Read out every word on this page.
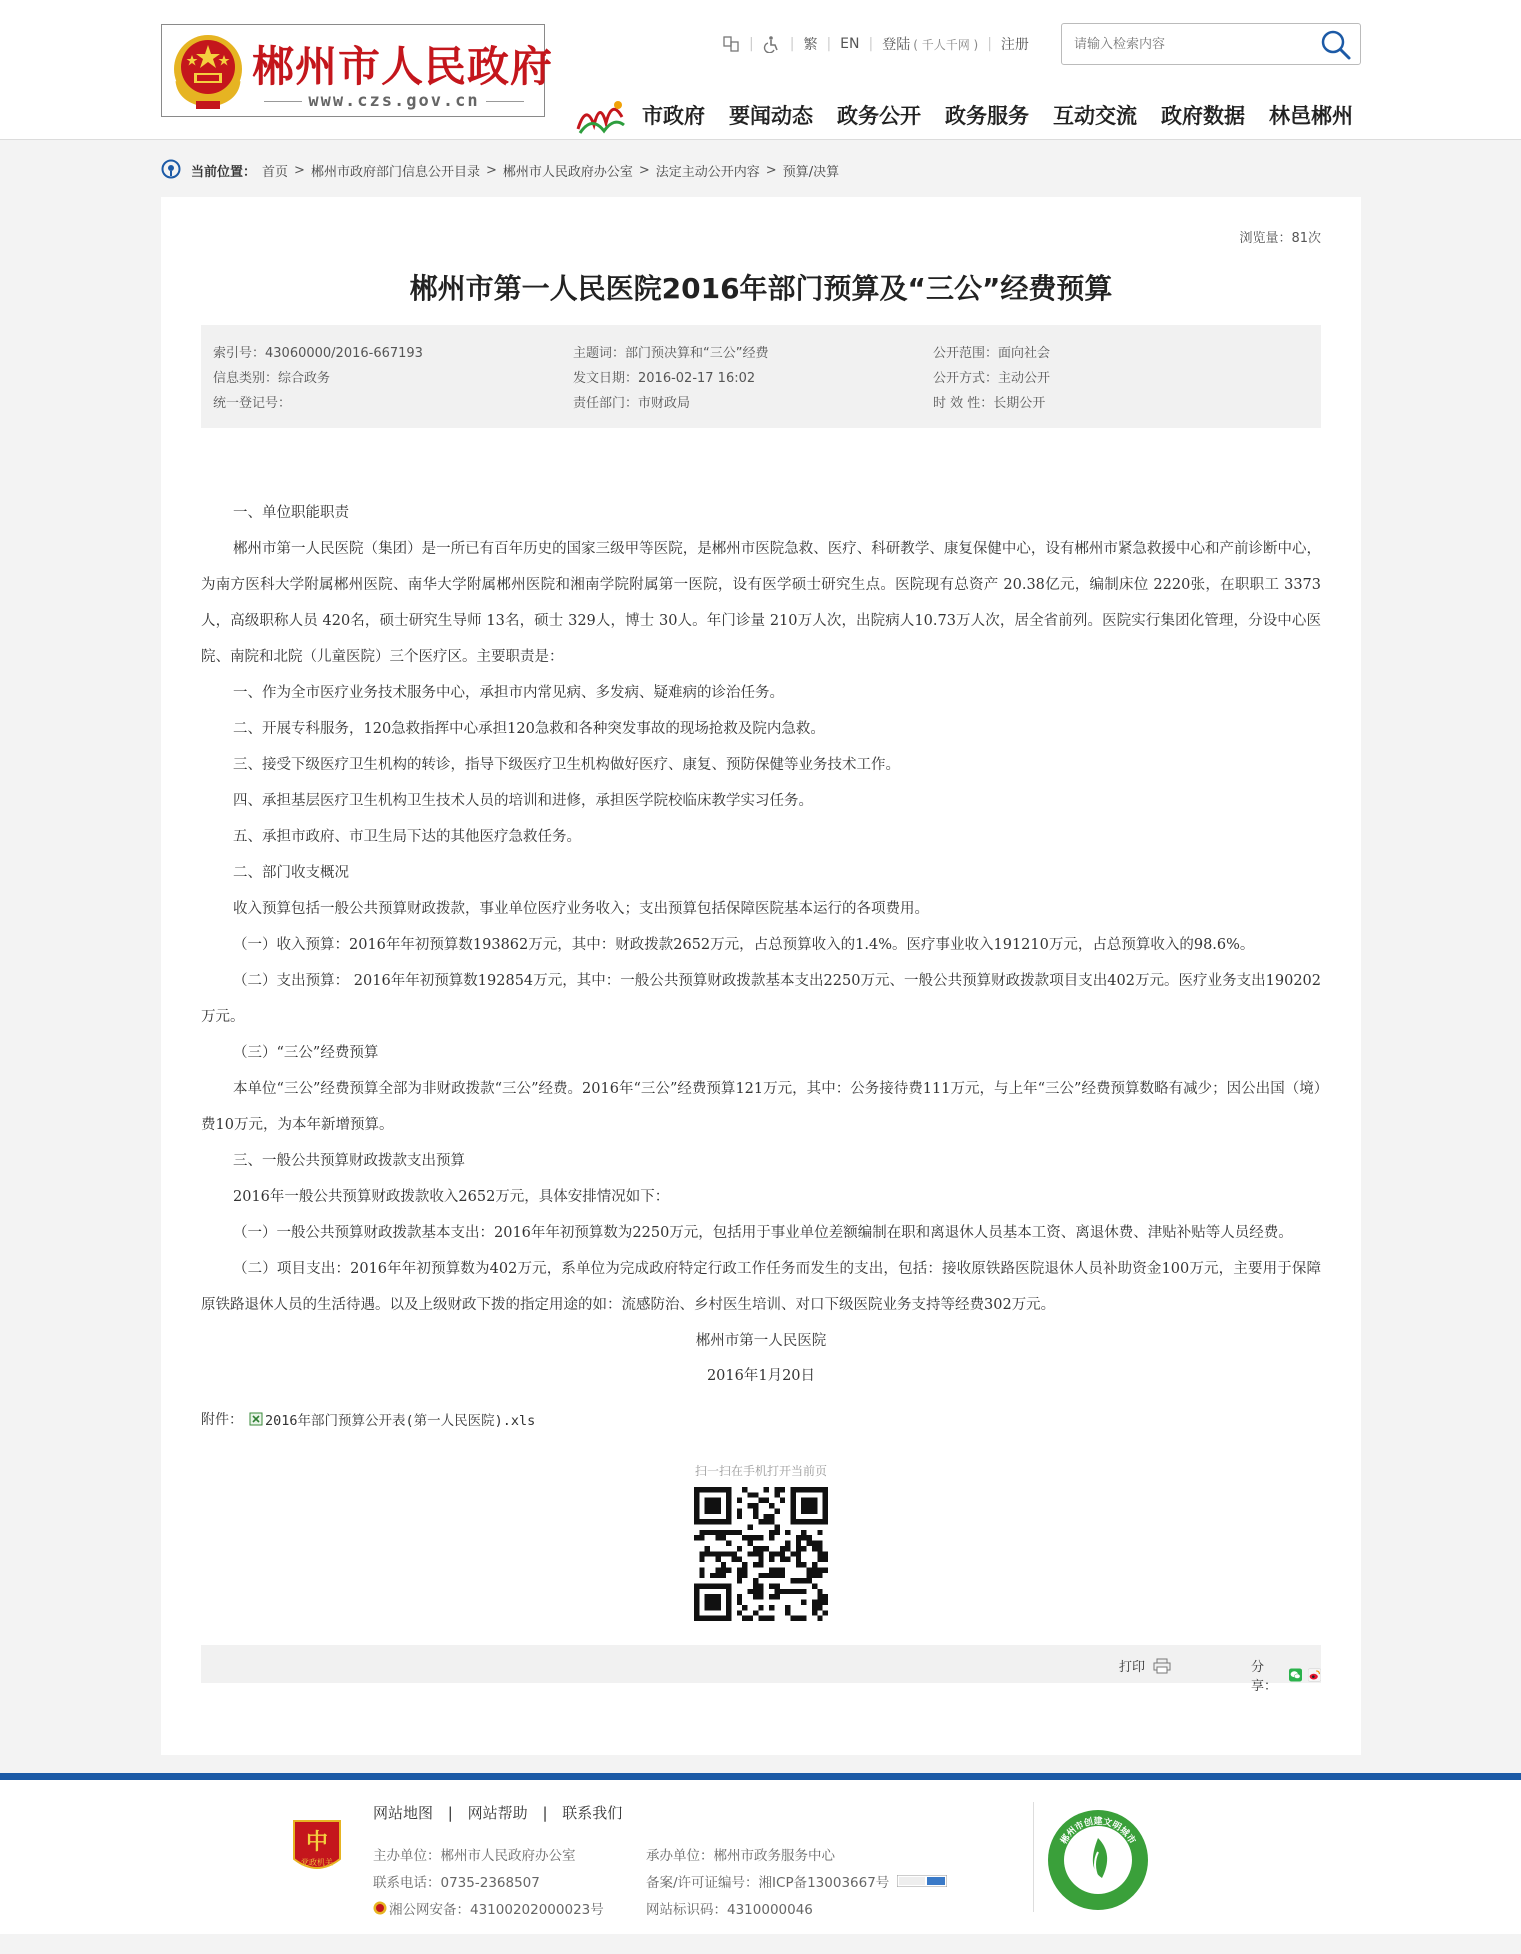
郴州市人民政府
www.czs.gov.cn
|	| 繁 | EN | 登陆 ( 千人千网 ) | 注册
请输入检索内容
市政府 要闻动态 政务公开 政务服务 互动交流 政府数据 林邑郴州
当前位置： 首页 > 郴州市政府部门信息公开目录 > 郴州市人民政府办公室 > 法定主动公开内容 > 预算/决算
浏览量：81次
郴州市第一人民医院2016年部门预算及“三公”经费预算
索引号：43060000/2016-667193	主题词：部门预决算和“三公”经费	公开范围：面向社会
信息类别：综合政务	发文日期：2016-02-17 16:02	公开方式：主动公开
统一登记号：	责任部门：市财政局	时 效 性：长期公开

一、单位职能职责

郴州市第一人民医院（集团）是一所已有百年历史的国家三级甲等医院，是郴州市医院急救、医疗、科研教学、康复保健中心，设有郴州市紧急救援中心和产前诊断中心，为南方医科大学附属郴州医院、南华大学附属郴州医院和湘南学院附属第一医院，设有医学硕士研究生点。医院现有总资产 20.38亿元，编制床位 2220张，在职职工 3373人，高级职称人员 420名，硕士研究生导师 13名，硕士 329人，博士 30人。年门诊量 210万人次，出院病人10.73万人次，居全省前列。医院实行集团化管理，分设中心医院、南院和北院（儿童医院）三个医疗区。主要职责是：

一、作为全市医疗业务技术服务中心，承担市内常见病、多发病、疑难病的诊治任务。

二、开展专科服务，120急救指挥中心承担120急救和各种突发事故的现场抢救及院内急救。

三、接受下级医疗卫生机构的转诊，指导下级医疗卫生机构做好医疗、康复、预防保健等业务技术工作。

四、承担基层医疗卫生机构卫生技术人员的培训和进修，承担医学院校临床教学实习任务。

五、承担市政府、市卫生局下达的其他医疗急救任务。

二、部门收支概况

收入预算包括一般公共预算财政拨款，事业单位医疗业务收入；支出预算包括保障医院基本运行的各项费用。

（一）收入预算：2016年年初预算数193862万元，其中：财政拨款2652万元，占总预算收入的1.4%。医疗事业收入191210万元，占总预算收入的98.6%。

（二）支出预算： 2016年年初预算数192854万元，其中：一般公共预算财政拨款基本支出2250万元、一般公共预算财政拨款项目支出402万元。医疗业务支出190202万元。

（三）“三公”经费预算

本单位“三公”经费预算全部为非财政拨款“三公”经费。2016年“三公”经费预算121万元，其中：公务接待费111万元，与上年“三公”经费预算数略有减少；因公出国（境）费10万元，为本年新增预算。

三、一般公共预算财政拨款支出预算

2016年一般公共预算财政拨款收入2652万元，具体安排情况如下：

（一）一般公共预算财政拨款基本支出：2016年年初预算数为2250万元，包括用于事业单位差额编制在职和离退休人员基本工资、离退休费、津贴补贴等人员经费。

（二）项目支出：2016年年初预算数为402万元，系单位为完成政府特定行政工作任务而发生的支出，包括：接收原铁路医院退休人员补助资金100万元，主要用于保障原铁路退休人员的生活待遇。以及上级财政下拨的指定用途的如：流感防治、乡村医生培训、对口下级医院业务支持等经费302万元。

郴州市第一人民医院

2016年1月20日

附件： 2016年部门预算公开表(第一人民医院).xls
扫一扫在手机打开当前页
打印	分享：
中
党政机关
网站地图 | 网站帮助 | 联系我们
主办单位：郴州市人民政府办公室	承办单位：郴州市政务服务中心
联系电话：0735-2368507	备案/许可证编号：湘ICP备13003667号
湘公网安备：43100202000023号	网站标识码：4310000046
郴州市创建文明城市
